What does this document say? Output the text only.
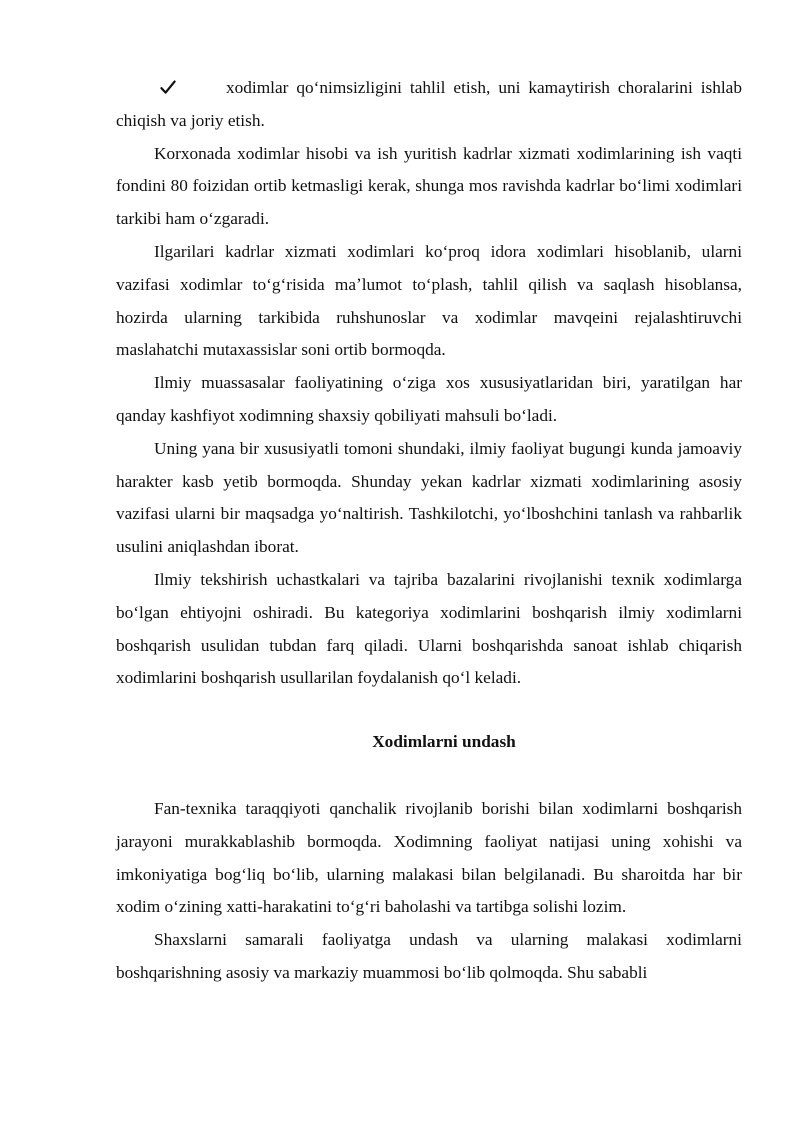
xodimlar qoʻnimsizligini tahlil etish, uni kamaytirish choralarini ishlab chiqish va joriy etish.

Korxonada xodimlar hisobi va ish yuritish kadrlar xizmati xodimlarining ish vaqti fondini 80 foizidan ortib ketmasligi kerak, shunga mos ravishda kadrlar boʻlimi xodimlari tarkibi ham oʻzgaradi.

Ilgarilari kadrlar xizmati xodimlari koʻproq idora xodimlari hisoblanib, ularni vazifasi xodimlar toʻgʻrisida maʼlumot toʻplash, tahlil qilish va saqlash hisoblansa, hozirda ularning tarkibida ruhshunoslar va xodimlar mavqeini rejalashtiruvchi maslahatchi mutaxassislar soni ortib bormoqda.

Ilmiy muassasalar faoliyatining oʻziga xos xususiyatlaridan biri, yaratilgan har qanday kashfiyot xodimning shaxsiy qobiliyati mahsuli boʻladi.

Uning yana bir xususiyatli tomoni shundaki, ilmiy faoliyat bugungi kunda jamoaviy harakter kasb yetib bormoqda. Shunday yekan kadrlar xizmati xodimlarining asosiy vazifasi ularni bir maqsadga yoʻnaltirish. Tashkilotchi, yoʻlboshchini tanlash va rahbarlik usulini aniqlashdan iborat.

Ilmiy tekshirish uchastkalari va tajriba bazalarini rivojlanishi texnik xodimlarga boʻlgan ehtiyojni oshiradi. Bu kategoriya xodimlarini boshqarish ilmiy xodimlarni boshqarish usulidan tubdan farq qiladi. Ularni boshqarishda sanoat ishlab chiqarish xodimlarini boshqarish usullarilan foydalanish qoʻl keladi.

Xodimlarni undash

Fan-texnika taraqqiyoti qanchalik rivojlanib borishi bilan xodimlarni boshqarish jarayoni murakkablashib bormoqda. Xodimning faoliyat natijasi uning xohishi va imkoniyatiga bogʻliq boʻlib, ularning malakasi bilan belgilanadi. Bu sharoitda har bir xodim oʻzining xatti-harakatini toʻgʻri baholashi va tartibga solishi lozim.

Shaxslarni samarali faoliyatga undash va ularning malakasi xodimlarni boshqarishning asosiy va markaziy muammosi boʻlib qolmoqda. Shu sababli
